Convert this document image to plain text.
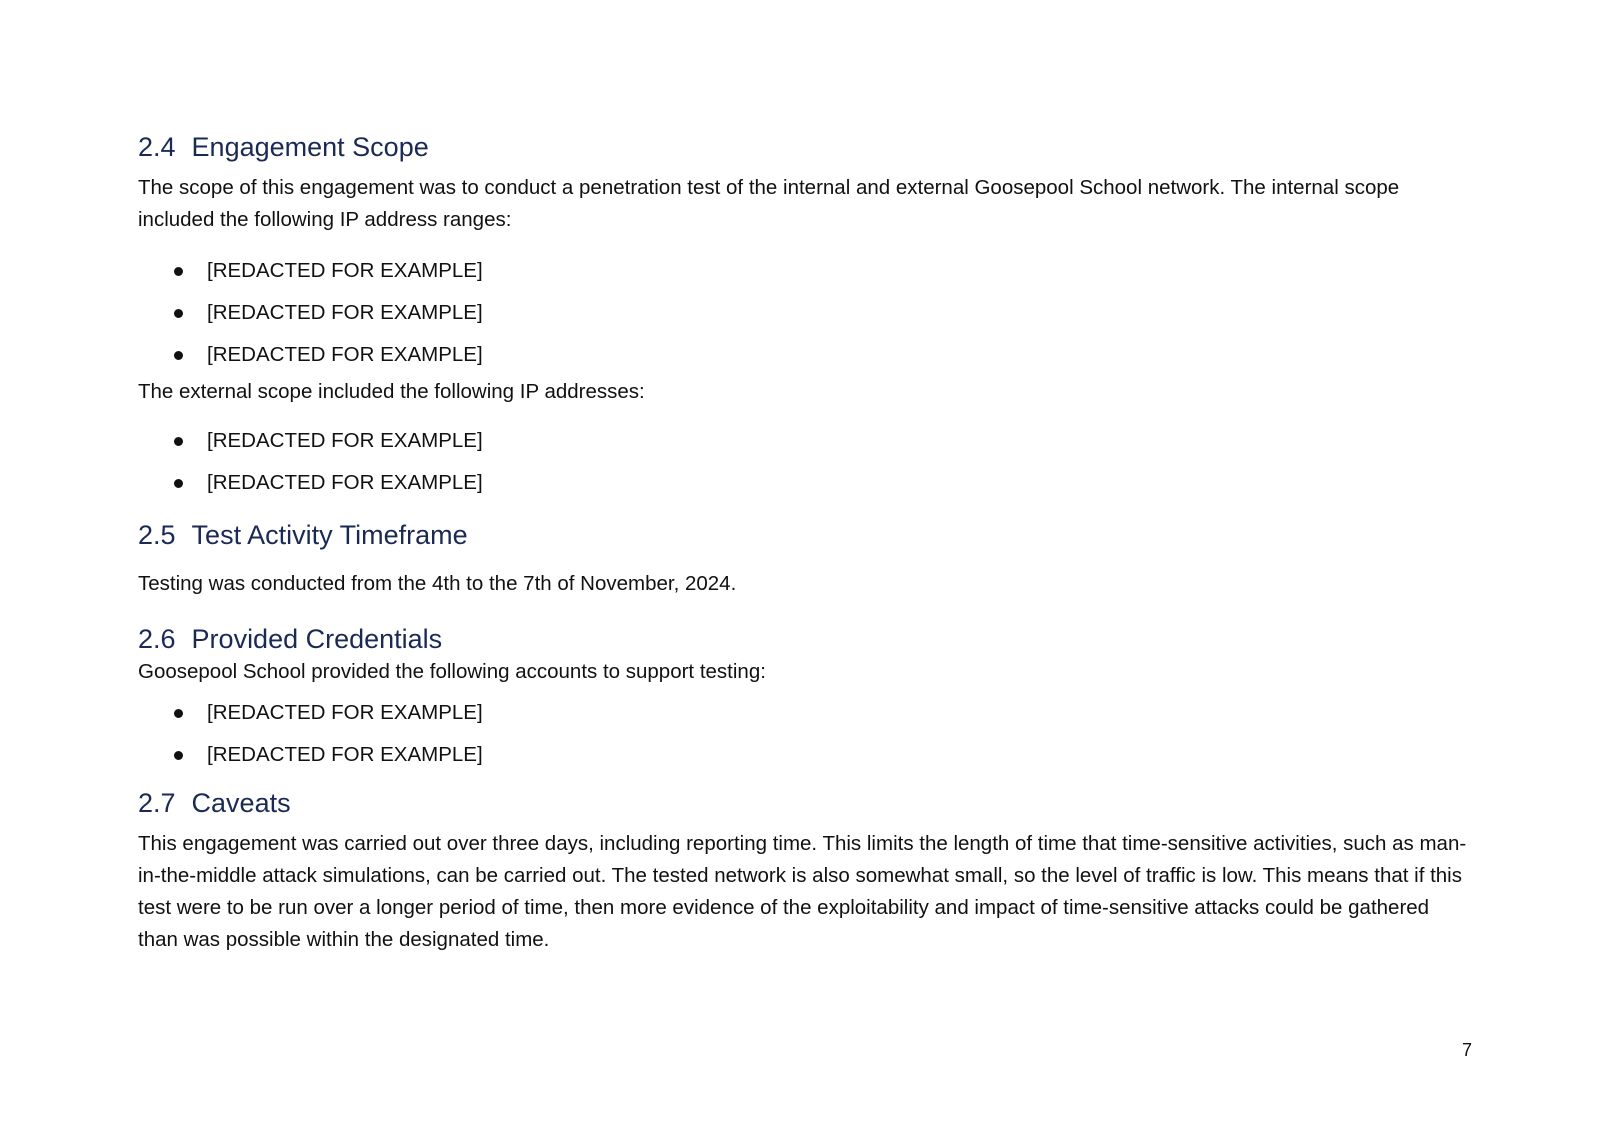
2.4 Engagement Scope

The scope of this engagement was to conduct a penetration test of the internal and external Goosepool School network. The internal scope included the following IP address ranges:

[REDACTED FOR EXAMPLE]
[REDACTED FOR EXAMPLE]
[REDACTED FOR EXAMPLE]

The external scope included the following IP addresses:

[REDACTED FOR EXAMPLE]
[REDACTED FOR EXAMPLE]
2.5 Test Activity Timeframe

Testing was conducted from the 4th to the 7th of November, 2024.

2.6 Provided Credentials

Goosepool School provided the following accounts to support testing:

[REDACTED FOR EXAMPLE]
[REDACTED FOR EXAMPLE]
2.7 Caveats

This engagement was carried out over three days, including reporting time. This limits the length of time that time-sensitive activities, such as man-in-the-middle attack simulations, can be carried out. The tested network is also somewhat small, so the level of traffic is low. This means that if this test were to be run over a longer period of time, then more evidence of the exploitability and impact of time-sensitive attacks could be gathered than was possible within the designated time.

7
